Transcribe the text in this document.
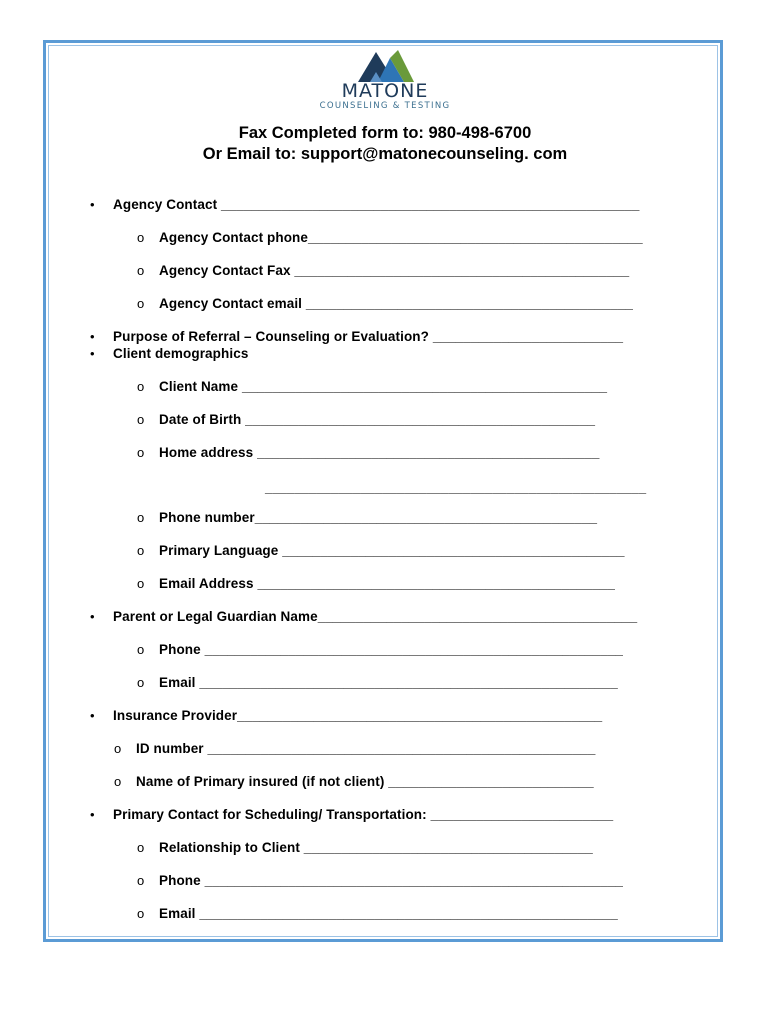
MATONE
COUNSELING & TESTING
Fax Completed form to: 980-498-6700
Or Email to: support@matonecounseling. com
• Agency Contact _______________________________________________________
o Agency Contact phone____________________________________________
o Agency Contact Fax ____________________________________________
o Agency Contact email ___________________________________________
• Purpose of Referral – Counseling or Evaluation? _________________________
• Client demographics
o Client Name ________________________________________________
o Date of Birth ______________________________________________
o Home address _____________________________________________
____________________________________________________
o Phone number_____________________________________________
o Primary Language _____________________________________________
o Email Address _______________________________________________
• Parent or Legal Guardian Name__________________________________________
o Phone _______________________________________________________
o Email _______________________________________________________
• Insurance Provider________________________________________________
o ID number ___________________________________________________
o Name of Primary insured (if not client) ___________________________
• Primary Contact for Scheduling/ Transportation: ________________________
o Relationship to Client ______________________________________
o Phone _______________________________________________________
o Email _______________________________________________________
